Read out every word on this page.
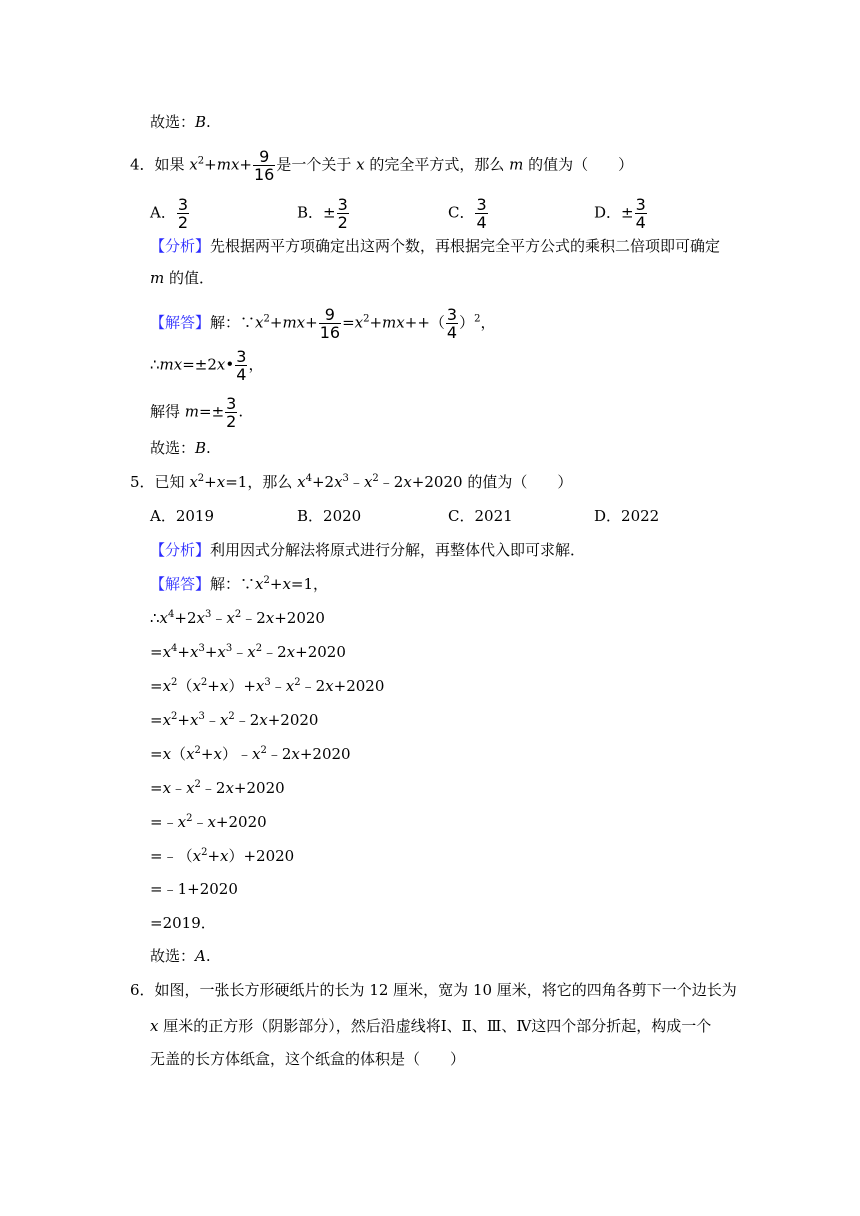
故选：B.
4．如果 $x^2+mx+ \frac{9}{16}$ 是一个关于 x 的完全平方式，那么 m 的值为（　　）
A． $\frac{3}{2}$	B．± $\frac{3}{2}$	C． $\frac{3}{4}$	D．± $\frac{3}{4}$
【分析】先根据两平方项确定出这两个数，再根据完全平方公式的乘积二倍项即可确定
m 的值．
【解答】解：$\because x^2+mx+ \frac{9}{16} =x^2+mx++( \frac{3}{4} )^2$，
∴mx=±2x• $\frac{3}{4}$ ，
解得 $m=\pm \frac{3}{2}$ .
故选：B.
5．已知 $x^2+x=1$，那么 $x^4+2x^3﹣x^2﹣2x+2020$ 的值为（　　）
A．2019	B．2020	C．2021	D．2022
【分析】利用因式分解法将原式进行分解，再整体代入即可求解．
【解答】解：$\because x^2+x=1$，
$\therefore x^4+2x^3﹣x^2﹣2x+2020$
$=x^4+x^3+x^3﹣x^2﹣2x+2020$
$=x^2(x^2+x)+x^3﹣x^2﹣2x+2020$
$=x^2+x^3﹣x^2﹣2x+2020$
$=x(x^2+x)﹣x^2﹣2x+2020$
$=x﹣x^2﹣2x+2020$
$=﹣x^2﹣x+2020$
$=﹣(x^2+x)+2020$
=﹣1+2020
=2019．
故选：A.
6．如图，一张长方形硬纸片的长为 12 厘米，宽为 10 厘米，将它的四角各剪下一个边长为
x 厘米的正方形（阴影部分），然后沿虚线将Ⅰ、Ⅱ、Ⅲ、Ⅳ这四个部分折起，构成一个
无盖的长方体纸盒，这个纸盒的体积是（　　）
